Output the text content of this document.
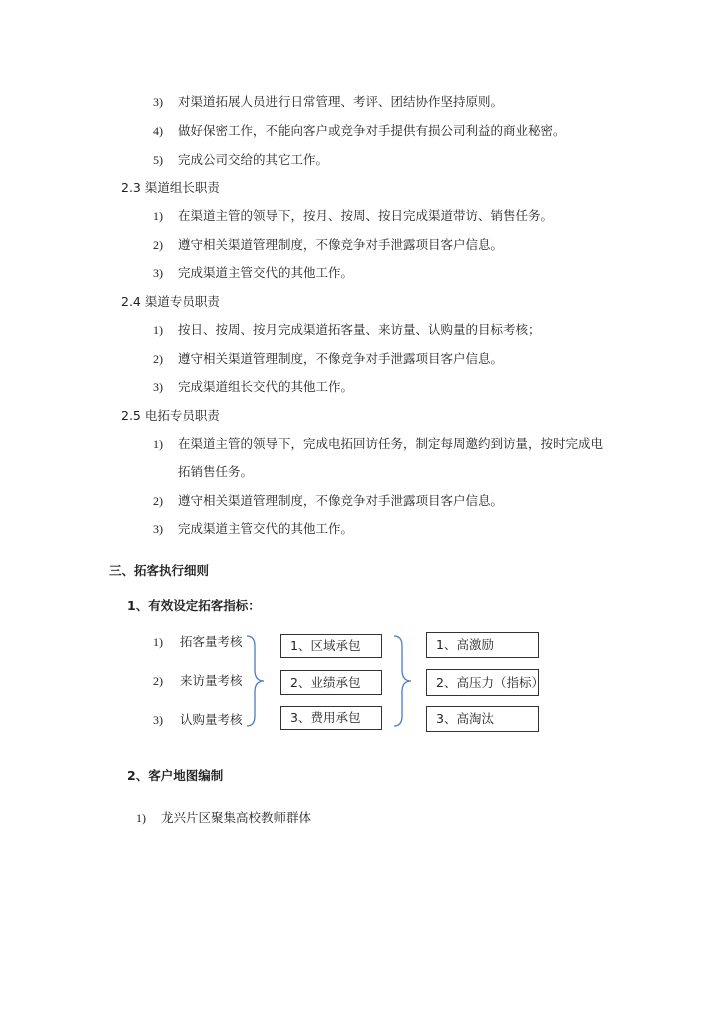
3) 对渠道拓展人员进行日常管理、考评、团结协作坚持原则。
4) 做好保密工作，不能向客户或竞争对手提供有损公司利益的商业秘密。
5) 完成公司交给的其它工作。
2.3 渠道组长职责
1) 在渠道主管的领导下，按月、按周、按日完成渠道带访、销售任务。
2) 遵守相关渠道管理制度，不像竞争对手泄露项目客户信息。
3) 完成渠道主管交代的其他工作。
2.4 渠道专员职责
1) 按日、按周、按月完成渠道拓客量、来访量、认购量的目标考核；
2) 遵守相关渠道管理制度，不像竞争对手泄露项目客户信息。
3) 完成渠道组长交代的其他工作。
2.5 电拓专员职责
1) 在渠道主管的领导下，完成电拓回访任务，制定每周邀约到访量，按时完成电
拓销售任务。
2) 遵守相关渠道管理制度，不像竞争对手泄露项目客户信息。
3) 完成渠道主管交代的其他工作。
三、拓客执行细则
1、有效设定拓客指标：
1) 拓客量考核
2) 来访量考核
3) 认购量考核
1、区域承包
2、业绩承包
3、费用承包
1、高激励
2、高压力（指标）
3、高淘汰
2、客户地图编制
1) 龙兴片区聚集高校教师群体
